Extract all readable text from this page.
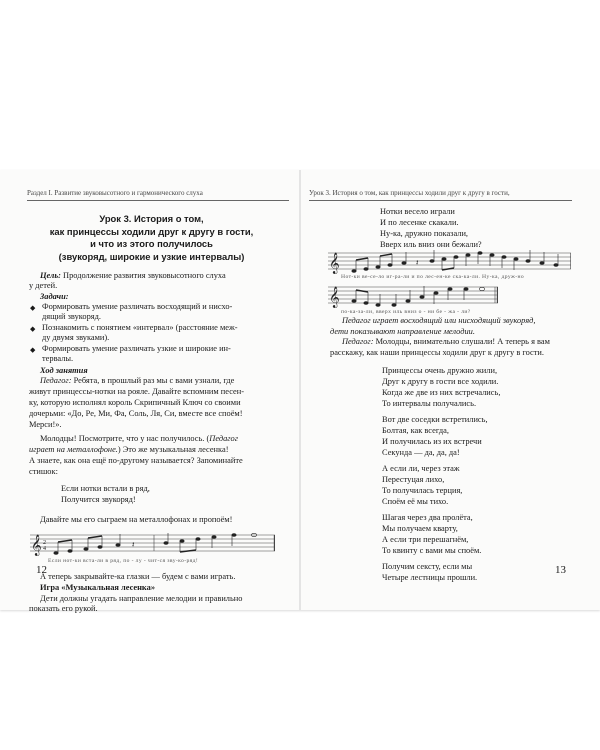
Раздел I. Развитие звуковысотного и гармонического слуха
Урок 3. История о том,
как принцессы ходили друг к другу в гости,
и что из этого получилось
(звукоряд, широкие и узкие интервалы)
Цель: Продолжение развития звуковысотного слуха
у детей.
Задачи:
◆ Формировать умение различать восходящий и нисхо-
дящий звукоряд.
◆ Познакомить с понятием «интервал» (расстояние меж-
ду двумя звуками).
◆ Формировать умение различать узкие и широкие ин-
тервалы.
Ход занятия
Педагог: Ребята, в прошлый раз мы с вами узнали, где
живут принцессы-нотки на рояле. Давайте вспомним песен-
ку, которую исполнял король Скрипичный Ключ со своими
дочерьми: «До, Ре, Ми, Фа, Соль, Ля, Си, вместе все споём!
Мерси!».
Молодцы! Посмотрите, что у нас получилось. (Педагог
играет на металлофоне.) Это же музыкальная лесенка!
А знаете, как она ещё по-другому называется? Запоминайте
стишок:
Если нотки встали в ряд,
Получится звукоряд!
Давайте мы его сыграем на металлофонах и пропоём!
𝄞 2
4	𝄽
Если нот-ки вста-ли в ряд, по - лу - чит-ся зву-ко-ряд!
А теперь закрывайте-ка глазки — будем с вами играть.
Игра «Музыкальная лесенка»
Дети должны угадать направление мелодии и правильно
показать его рукой.
Урок 3. История о том, как принцессы ходили друг к другу в гости,
Нотки весело играли
И по лесенке скакали.
Ну-ка, дружно показали,
Вверх иль вниз они бежали?
𝄞	𝄽
Нот-ки ве-се-ло иг-ра-ли и по лес-ен-ке ска-ка-ли. Ну-ка, друж-но
𝄞
по-ка-за-ли, вверх иль вниз о - ни бе - жа - ли?
Педагог играет восходящий или нисходящий звукоряд,
дети показывают направление мелодии.
Педагог: Молодцы, внимательно слушали! А теперь я вам
расскажу, как наши принцессы ходили друг к другу в гости.
Принцессы очень дружно жили,
Друг к другу в гости все ходили.
Когда же две из них встречались,
То интервалы получались.
Вот две соседки встретились,
Болтая, как всегда,
И получилась из их встречи
Секунда — да, да, да!
А если ли, через этаж
Перестуцая лихо,
То получилась терция,
Споём её мы тихо.
Шагая через два пролёта,
Мы получаем кварту,
А если три перешагнём,
То квинту с вами мы споём.
Получим сексту, если мы
Четыре лестницы прошли.
12	13
